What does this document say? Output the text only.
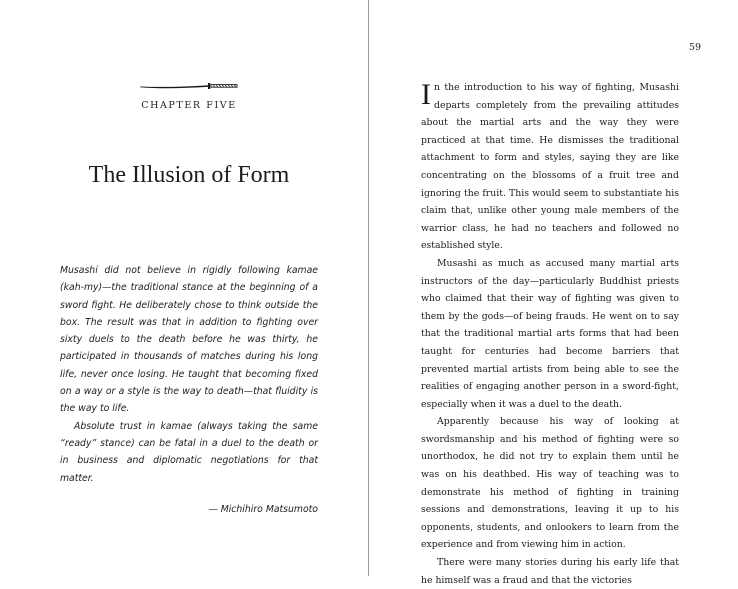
CHAPTER FIVE
The Illusion of Form

Musashi did not believe in rigidly following kamae (kah-my)—the traditional stance at the beginning of a sword fight. He deliberately chose to think outside the box. The result was that in addition to fighting over sixty duels to the death before he was thirty, he participated in thousands of matches during his long life, never once losing. He taught that becoming fixed on a way or a style is the way to death—that fluidity is the way to life.

Absolute trust in kamae (always taking the same “ready” stance) can be fatal in a duel to the death or in business and diplomatic negotiations for that matter.

— Michihiro Matsumoto
59

In the introduction to his way of fighting, Musashi departs completely from the prevailing attitudes about the martial arts and the way they were practiced at that time. He dismisses the traditional attachment to form and styles, saying they are like concentrating on the blossoms of a fruit tree and ignoring the fruit. This would seem to substantiate his claim that, unlike other young male members of the warrior class, he had no teachers and followed no established style.

Musashi as much as accused many martial arts instructors of the day—particularly Buddhist priests who claimed that their way of fighting was given to them by the gods—of being frauds. He went on to say that the traditional martial arts forms that had been taught for centuries had become barriers that prevented martial artists from being able to see the realities of engaging another person in a sword-fight, especially when it was a duel to the death.

Apparently because his way of looking at swordsmanship and his method of fighting were so unorthodox, he did not try to explain them until he was on his deathbed. His way of teaching was to demonstrate his method of fighting in training sessions and demonstrations, leaving it up to his opponents, students, and onlookers to learn from the experience and from viewing him in action.

There were many stories during his early life that he himself was a fraud and that the victories
